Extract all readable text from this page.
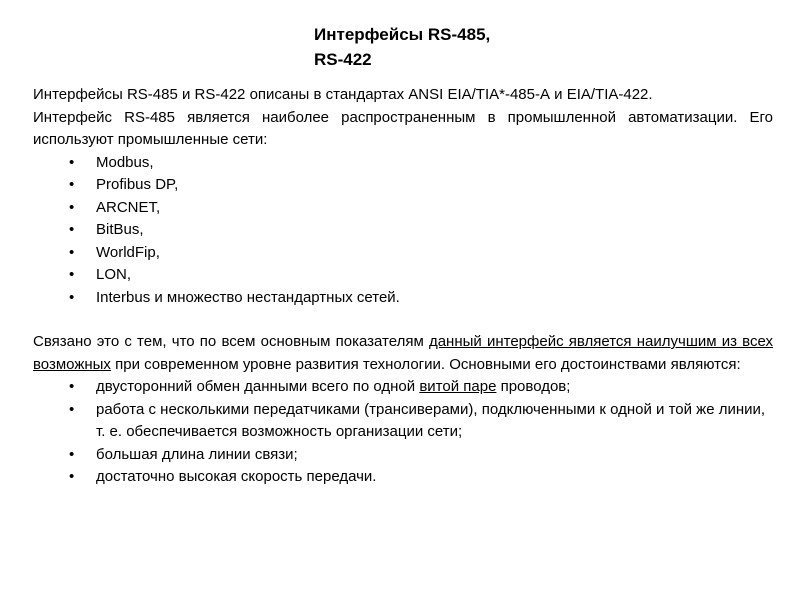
Интерфейсы RS-485,
RS-422
Интерфейсы RS-485 и RS-422 описаны в стандартах ANSI EIA/TIA*-485-А и EIA/TIA-422.
Интерфейс RS-485 является наиболее распространенным в промышленной автоматизации. Его используют промышленные сети:
• Modbus,
• Profibus DP,
• ARCNET,
• BitBus,
• WorldFip,
• LON,
• Interbus и множество нестандартных сетей.
Связано это с тем, что по всем основным показателям данный интерфейс является наилучшим из всех возможных при современном уровне развития технологии. Основными его достоинствами являются:
• двусторонний обмен данными всего по одной витой паре проводов;
• работа с несколькими передатчиками (трансиверами), подключенными к одной и той же линии, т. е. обеспечивается возможность организации сети;
• большая длина линии связи;
• достаточно высокая скорость передачи.
